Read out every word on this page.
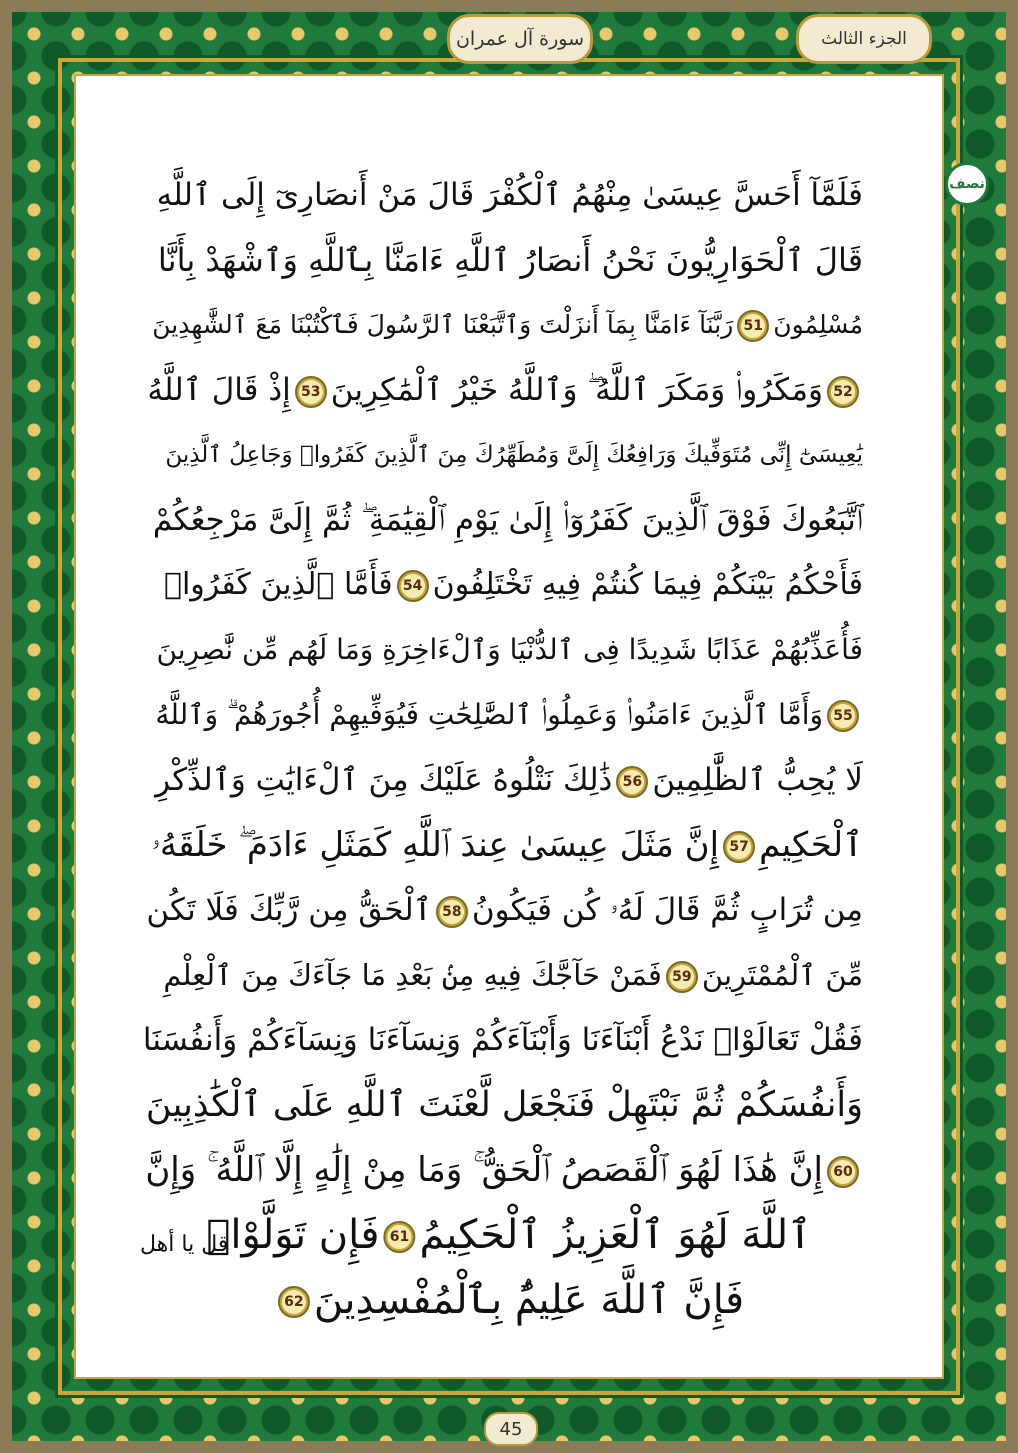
سورة آل عمران	الجزء الثالث
نصف
فَلَمَّآ أَحَسَّ عِيسَىٰ مِنْهُمُ ٱلْكُفْرَ قَالَ مَنْ أَنصَارِىٓ إِلَى ٱللَّهِ
قَالَ ٱلْحَوَارِيُّونَ نَحْنُ أَنصَارُ ٱللَّهِ ءَامَنَّا بِٱللَّهِ وَٱشْهَدْ بِأَنَّا
مُسْلِمُونَ51رَبَّنَآ ءَامَنَّا بِمَآ أَنزَلْتَ وَٱتَّبَعْنَا ٱلرَّسُولَ فَٱكْتُبْنَا مَعَ ٱلشَّٰهِدِينَ
52وَمَكَرُوا۟ وَمَكَرَ ٱللَّهُ ۖ وَٱللَّهُ خَيْرُ ٱلْمَٰكِرِينَ53إِذْ قَالَ ٱللَّهُ
يَٰعِيسَىٰٓ إِنِّى مُتَوَفِّيكَ وَرَافِعُكَ إِلَىَّ وَمُطَهِّرُكَ مِنَ ٱلَّذِينَ كَفَرُوا۟ وَجَاعِلُ ٱلَّذِينَ
ٱتَّبَعُوكَ فَوْقَ ٱلَّذِينَ كَفَرُوٓا۟ إِلَىٰ يَوْمِ ٱلْقِيَٰمَةِ ۖ ثُمَّ إِلَىَّ مَرْجِعُكُمْ
فَأَحْكُمُ بَيْنَكُمْ فِيمَا كُنتُمْ فِيهِ تَخْتَلِفُونَ54فَأَمَّا ٱلَّذِينَ كَفَرُوا۟
فَأُعَذِّبُهُمْ عَذَابًا شَدِيدًا فِى ٱلدُّنْيَا وَٱلْءَاخِرَةِ وَمَا لَهُم مِّن نَّٰصِرِينَ
55وَأَمَّا ٱلَّذِينَ ءَامَنُوا۟ وَعَمِلُوا۟ ٱلصَّٰلِحَٰتِ فَيُوَفِّيهِمْ أُجُورَهُمْ ۗ وَٱللَّهُ
لَا يُحِبُّ ٱلظَّٰلِمِينَ56ذَٰلِكَ نَتْلُوهُ عَلَيْكَ مِنَ ٱلْءَايَٰتِ وَٱلذِّكْرِ
ٱلْحَكِيمِ57إِنَّ مَثَلَ عِيسَىٰ عِندَ ٱللَّهِ كَمَثَلِ ءَادَمَ ۖ خَلَقَهُۥ
مِن تُرَابٍ ثُمَّ قَالَ لَهُۥ كُن فَيَكُونُ58ٱلْحَقُّ مِن رَّبِّكَ فَلَا تَكُن
مِّنَ ٱلْمُمْتَرِينَ59فَمَنْ حَآجَّكَ فِيهِ مِنۢ بَعْدِ مَا جَآءَكَ مِنَ ٱلْعِلْمِ
فَقُلْ تَعَالَوْا۟ نَدْعُ أَبْنَآءَنَا وَأَبْنَآءَكُمْ وَنِسَآءَنَا وَنِسَآءَكُمْ وَأَنفُسَنَا
وَأَنفُسَكُمْ ثُمَّ نَبْتَهِلْ فَنَجْعَل لَّعْنَتَ ٱللَّهِ عَلَى ٱلْكَٰذِبِينَ
60إِنَّ هَٰذَا لَهُوَ ٱلْقَصَصُ ٱلْحَقُّ ۚ وَمَا مِنْ إِلَٰهٍ إِلَّا ٱللَّهُ ۚ وَإِنَّ
ٱللَّهَ لَهُوَ ٱلْعَزِيزُ ٱلْحَكِيمُ61فَإِن تَوَلَّوْا۟
فَإِنَّ ٱللَّهَ عَلِيمٌۢ بِٱلْمُفْسِدِينَ62
قل يا أهل
45
